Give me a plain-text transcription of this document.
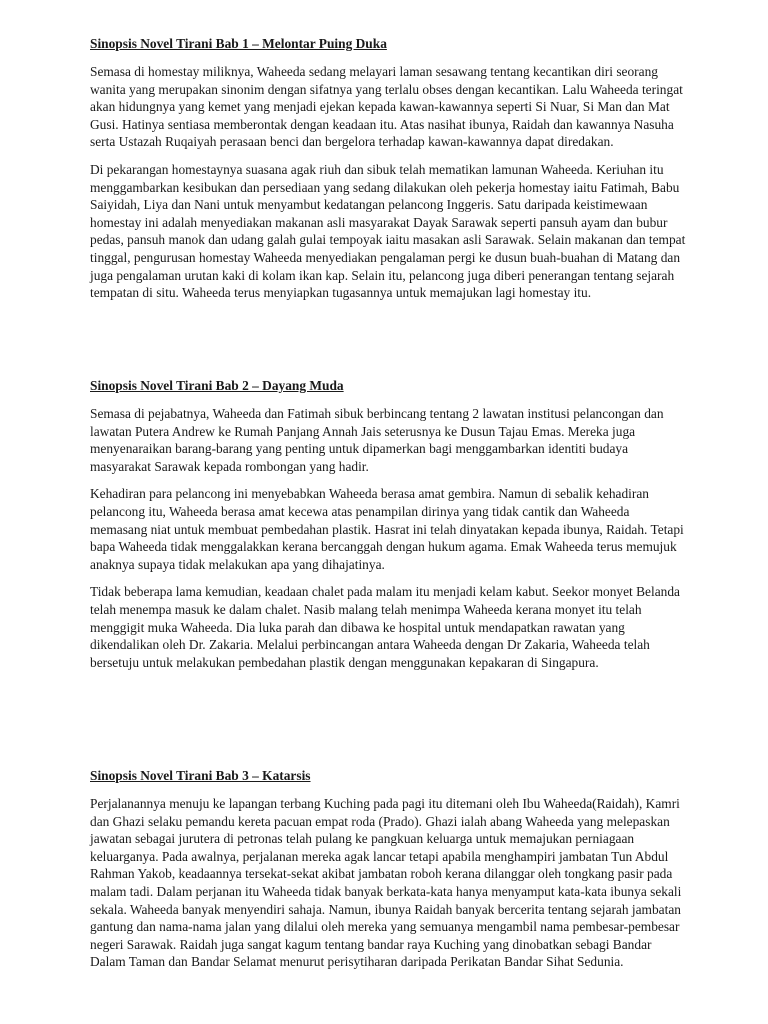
Sinopsis Novel Tirani Bab 1 – Melontar Puing Duka

Semasa di homestay miliknya, Waheeda sedang melayari laman sesawang tentang kecantikan diri seorang wanita yang merupakan sinonim dengan sifatnya yang terlalu obses dengan kecantikan. Lalu Waheeda teringat akan hidungnya yang kemet yang menjadi ejekan kepada kawan-kawannya seperti Si Nuar, Si Man dan Mat Gusi. Hatinya sentiasa memberontak dengan keadaan itu. Atas nasihat ibunya, Raidah dan kawannya Nasuha serta Ustazah Ruqaiyah perasaan benci dan bergelora terhadap kawan-kawannya dapat diredakan.

Di pekarangan homestaynya suasana agak riuh dan sibuk telah mematikan lamunan Waheeda. Keriuhan itu menggambarkan kesibukan dan persediaan yang sedang dilakukan oleh pekerja homestay iaitu Fatimah, Babu Saiyidah, Liya dan Nani untuk menyambut kedatangan pelancong Inggeris. Satu daripada keistimewaan homestay ini adalah menyediakan makanan asli masyarakat Dayak Sarawak seperti pansuh ayam dan bubur pedas, pansuh manok dan udang galah gulai tempoyak iaitu masakan asli Sarawak. Selain makanan dan tempat tinggal, pengurusan homestay Waheeda menyediakan pengalaman pergi ke dusun buah-buahan di Matang dan juga pengalaman urutan kaki di kolam ikan kap. Selain itu, pelancong juga diberi penerangan tentang sejarah tempatan di situ. Waheeda terus menyiapkan tugasannya untuk memajukan lagi homestay itu.

Sinopsis Novel Tirani Bab 2 – Dayang Muda

Semasa di pejabatnya, Waheeda dan Fatimah sibuk berbincang tentang 2 lawatan institusi pelancongan dan lawatan Putera Andrew ke Rumah Panjang Annah Jais seterusnya ke Dusun Tajau Emas. Mereka juga menyenaraikan barang-barang yang penting untuk dipamerkan bagi menggambarkan identiti budaya masyarakat Sarawak kepada rombongan yang hadir.

Kehadiran para pelancong ini menyebabkan Waheeda berasa amat gembira. Namun di sebalik kehadiran pelancong itu, Waheeda berasa amat kecewa atas penampilan dirinya yang tidak cantik dan Waheeda memasang niat untuk membuat pembedahan plastik. Hasrat ini telah dinyatakan kepada ibunya, Raidah. Tetapi bapa Waheeda tidak menggalakkan kerana bercanggah dengan hukum agama. Emak Waheeda terus memujuk anaknya supaya tidak melakukan apa yang dihajatinya.

Tidak beberapa lama kemudian, keadaan chalet pada malam itu menjadi kelam kabut. Seekor monyet Belanda telah menempa masuk ke dalam chalet. Nasib malang telah menimpa Waheeda kerana monyet itu telah menggigit muka Waheeda. Dia luka parah dan dibawa ke hospital untuk mendapatkan rawatan yang dikendalikan oleh Dr. Zakaria. Melalui perbincangan antara Waheeda dengan Dr Zakaria, Waheeda telah bersetuju untuk melakukan pembedahan plastik dengan menggunakan kepakaran di Singapura.

Sinopsis Novel Tirani Bab 3 – Katarsis

Perjalanannya menuju ke lapangan terbang Kuching pada pagi itu ditemani oleh Ibu Waheeda(Raidah), Kamri dan Ghazi selaku pemandu kereta pacuan empat roda (Prado). Ghazi ialah abang Waheeda yang melepaskan jawatan sebagai jurutera di petronas telah pulang ke pangkuan keluarga untuk memajukan perniagaan keluarganya. Pada awalnya, perjalanan mereka agak lancar tetapi apabila menghampiri jambatan Tun Abdul Rahman Yakob, keadaannya tersekat-sekat akibat jambatan roboh kerana dilanggar oleh tongkang pasir pada malam tadi. Dalam perjanan itu Waheeda tidak banyak berkata-kata hanya menyamput kata-kata ibunya sekali sekala. Waheeda banyak menyendiri sahaja. Namun, ibunya Raidah banyak bercerita tentang sejarah jambatan gantung dan nama-nama jalan yang dilalui oleh mereka yang semuanya mengambil nama pembesar-pembesar negeri Sarawak. Raidah juga sangat kagum tentang bandar raya Kuching yang dinobatkan sebagi Bandar Dalam Taman dan Bandar Selamat menurut perisytiharan daripada Perikatan Bandar Sihat Sedunia.
